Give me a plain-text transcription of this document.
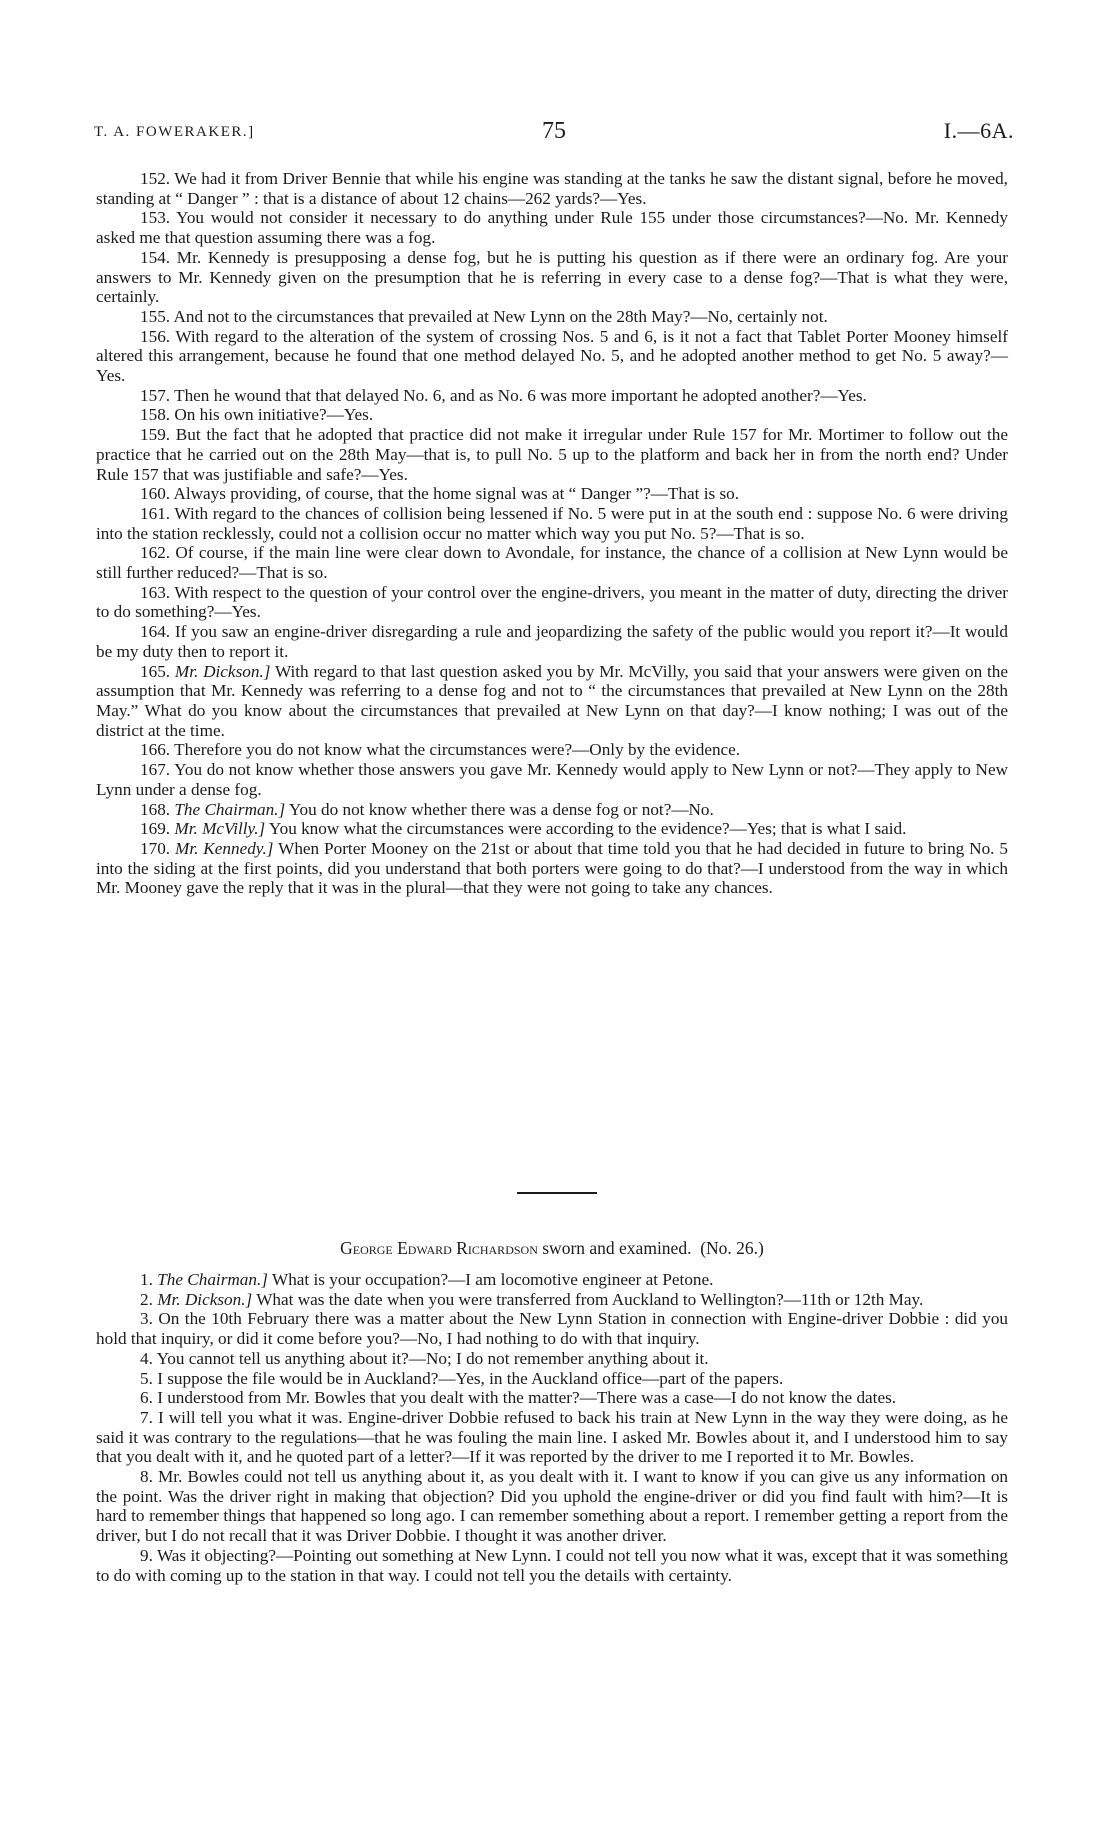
T. A. FOWERAKER.]	75	I.—6A.

152. We had it from Driver Bennie that while his engine was standing at the tanks he saw the distant signal, before he moved, standing at “ Danger ” : that is a distance of about 12 chains—262 yards?—Yes.

153. You would not consider it necessary to do anything under Rule 155 under those circumstances?—No. Mr. Kennedy asked me that question assuming there was a fog.

154. Mr. Kennedy is presupposing a dense fog, but he is putting his question as if there were an ordinary fog. Are your answers to Mr. Kennedy given on the presumption that he is referring in every case to a dense fog?—That is what they were, certainly.

155. And not to the circumstances that prevailed at New Lynn on the 28th May?—No, certainly not.

156. With regard to the alteration of the system of crossing Nos. 5 and 6, is it not a fact that Tablet Porter Mooney himself altered this arrangement, because he found that one method delayed No. 5, and he adopted another method to get No. 5 away?—Yes.

157. Then he wound that that delayed No. 6, and as No. 6 was more important he adopted another?—Yes.

158. On his own initiative?—Yes.

159. But the fact that he adopted that practice did not make it irregular under Rule 157 for Mr. Mortimer to follow out the practice that he carried out on the 28th May—that is, to pull No. 5 up to the platform and back her in from the north end? Under Rule 157 that was justifiable and safe?—Yes.

160. Always providing, of course, that the home signal was at “ Danger ”?—That is so.

161. With regard to the chances of collision being lessened if No. 5 were put in at the south end : suppose No. 6 were driving into the station recklessly, could not a collision occur no matter which way you put No. 5?—That is so.

162. Of course, if the main line were clear down to Avondale, for instance, the chance of a collision at New Lynn would be still further reduced?—That is so.

163. With respect to the question of your control over the engine-drivers, you meant in the matter of duty, directing the driver to do something?—Yes.

164. If you saw an engine-driver disregarding a rule and jeopardizing the safety of the public would you report it?—It would be my duty then to report it.

165. Mr. Dickson.] With regard to that last question asked you by Mr. McVilly, you said that your answers were given on the assumption that Mr. Kennedy was referring to a dense fog and not to “ the circumstances that prevailed at New Lynn on the 28th May.” What do you know about the circumstances that prevailed at New Lynn on that day?—I know nothing; I was out of the district at the time.

166. Therefore you do not know what the circumstances were?—Only by the evidence.

167. You do not know whether those answers you gave Mr. Kennedy would apply to New Lynn or not?—They apply to New Lynn under a dense fog.

168. The Chairman.] You do not know whether there was a dense fog or not?—No.

169. Mr. McVilly.] You know what the circumstances were according to the evidence?—Yes; that is what I said.

170. Mr. Kennedy.] When Porter Mooney on the 21st or about that time told you that he had decided in future to bring No. 5 into the siding at the first points, did you understand that both porters were going to do that?—I understood from the way in which Mr. Mooney gave the reply that it was in the plural—that they were not going to take any chances.

George Edward Richardson sworn and examined. (No. 26.)

1. The Chairman.] What is your occupation?—I am locomotive engineer at Petone.

2. Mr. Dickson.] What was the date when you were transferred from Auckland to Wellington?—11th or 12th May.

3. On the 10th February there was a matter about the New Lynn Station in connection with Engine-driver Dobbie : did you hold that inquiry, or did it come before you?—No, I had nothing to do with that inquiry.

4. You cannot tell us anything about it?—No; I do not remember anything about it.

5. I suppose the file would be in Auckland?—Yes, in the Auckland office—part of the papers.

6. I understood from Mr. Bowles that you dealt with the matter?—There was a case—I do not know the dates.

7. I will tell you what it was. Engine-driver Dobbie refused to back his train at New Lynn in the way they were doing, as he said it was contrary to the regulations—that he was fouling the main line. I asked Mr. Bowles about it, and I understood him to say that you dealt with it, and he quoted part of a letter?—If it was reported by the driver to me I reported it to Mr. Bowles.

8. Mr. Bowles could not tell us anything about it, as you dealt with it. I want to know if you can give us any information on the point. Was the driver right in making that objection? Did you uphold the engine-driver or did you find fault with him?—It is hard to remember things that happened so long ago. I can remember something about a report. I remember getting a report from the driver, but I do not recall that it was Driver Dobbie. I thought it was another driver.

9. Was it objecting?—Pointing out something at New Lynn. I could not tell you now what it was, except that it was something to do with coming up to the station in that way. I could not tell you the details with certainty.
